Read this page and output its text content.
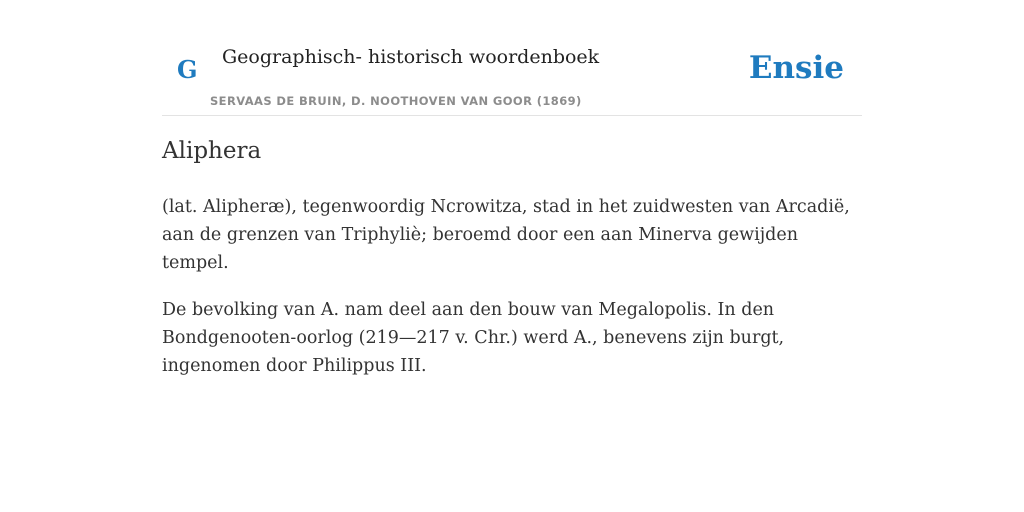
G Geographisch- historisch woordenboek
SERVAAS DE BRUIN, D. NOOTHOVEN VAN GOOR (1869)
Ensie
Aliphera

(lat. Alipheræ), tegenwoordig Ncrowitza, stad in het zuidwesten van Arcadië, aan de grenzen van Triphyliè; beroemd door een aan Minerva gewijden tempel.

De bevolking van A. nam deel aan den bouw van Megalopolis. In den Bondgenooten-oorlog (219—217 v. Chr.) werd A., benevens zijn burgt, ingenomen door Philippus III.
